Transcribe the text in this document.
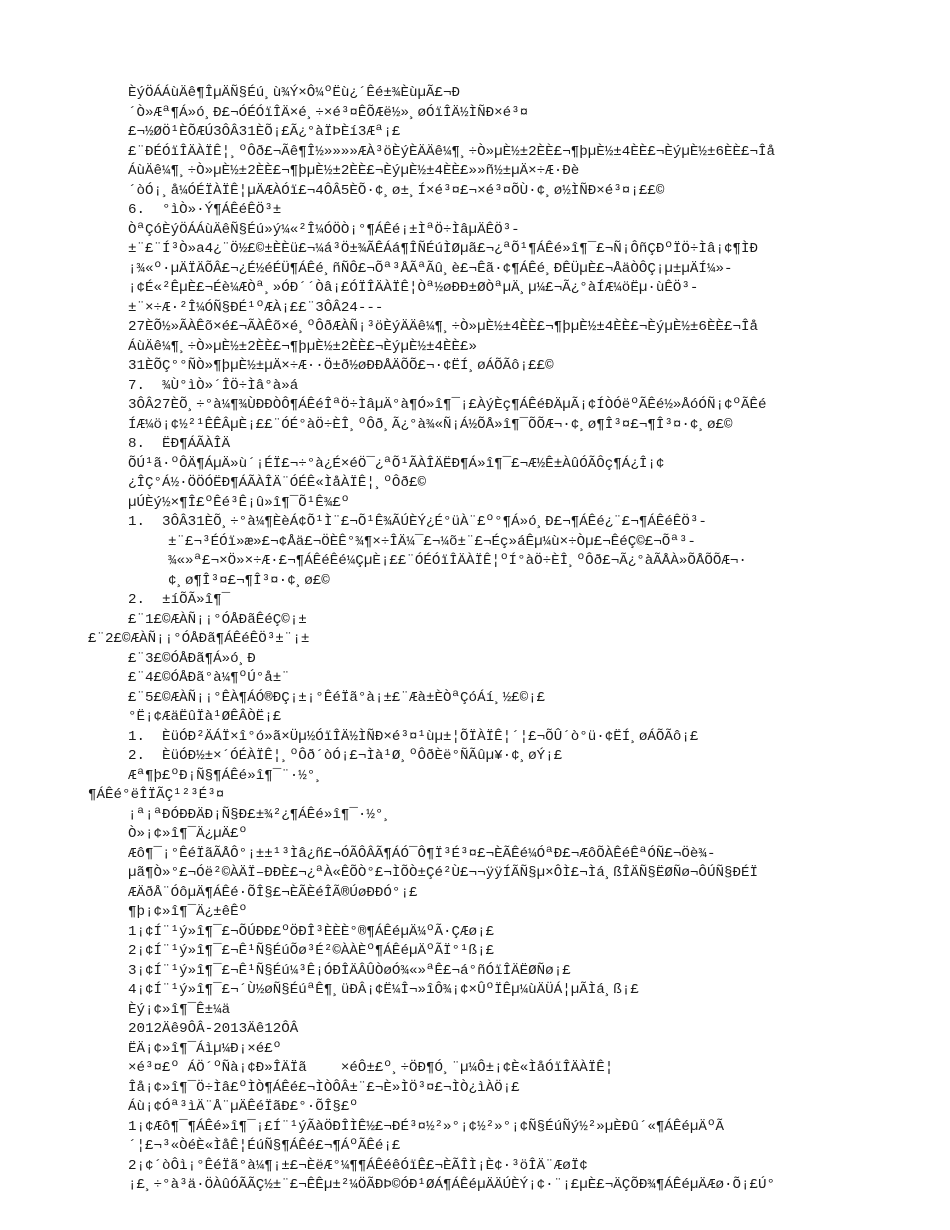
ÈýÖÁÁùÄê¶ÎµÄÑ§Éú¸ù¾Ý×Ô¼ºËù¿´Êé±¾ÈùµÃ£¬Ð
´Ò»Æª¶Á»ó¸Ð£¬ÓÉÓïÎÄ×é¸÷×é³¤ÊÕÆë½»¸øÓïÎÄ½ÌÑÐ×é³¤
£¬½ØÖ¹ÈÕÆÚ3ÔÂ31ÈÕ¡£Ã¿°àÏÞÈí3Æª¡£
£¨ÐÉÓïÎÄÀÏÊ¦¸ºÔð£¬Ãê¶Î½»»»»ÆÀ³öÈýÈÄÄê¼¶¸÷Ò»µÈ½±2ÈÈ£¬¶þµÈ½±4ÈÈ£¬ÈýµÈ½±6ÈÈ£¬Îå
ÁùÄê¼¶¸÷Ò»µÈ½±2ÈÈ£¬¶þµÈ½±2ÈÈ£¬ÈýµÈ½±4ÈÈ£»»ñ½±µÄ×÷Æ·Ðè
´òÓ¡¸å¼ÓÉÏÀÏÊ¦µÄÆÀÓï£¬4ÔÂ5ÈÕ·¢¸ø±¸Í×é³¤£¬×é³¤ÕÙ·¢¸ø½ÌÑÐ×é³¤¡££©
6.  °ìÒ»·Ý¶ÁÊéÊÖ³±
ÒªÇóÈýÖÁÁùÄêÑ§Éú»ý¼«²Î¼ÓÖÒ¡°¶ÁÊé¡±ÌªÖ÷ÌâµÄÊÖ³-
±¨£¨Í³Ò»a4¿¨Ö½£©±ÈÈü£¬¼á³Ö±¾ÃÊÁá¶ÎÑÉúÌØµã£¬¿ªÕ¹¶ÁÊé»î¶¯£¬Ñ¡ÔñÇÐºÏÖ÷Ìâ¡¢¶ÌÐ
¡¾«º·µÄÏÄÕÂ£¬¿É½éÉÜ¶ÁÊé¸ñÑÔ£¬Õª³ÅÃªÃû¸è£¬Êã·¢¶ÁÊé¸ÐÊÜµÈ£¬ÅäÒÔÇ¡µ±µÄÍ¼»-
¡¢É«²ÊµÈ£¬Éè¼ÆÒª¸»ÓÐ´´Òâ¡£ÓÏÎÄÀÏÊ¦Òª½øÐÐ±ØÒªµÄ¸µ¼£¬Ã¿°àÍÆ¼öËµ·ùÊÖ³-
±¨×÷Æ·²Î¼ÓÑ§ÐÉ¹ºÆÀ¡££¨3ÔÂ24---
27ÈÕ½»ÃÀÊõ×é£¬ÃÀÊõ×é¸ºÔðÆÀÑ¡³öÈýÄÄê¼¶¸÷Ò»µÈ½±4ÈÈ£¬¶þµÈ½±4ÈÈ£¬ÈýµÈ½±6ÈÈ£¬Îå
ÁùÄê¼¶¸÷Ò»µÈ½±2ÈÈ£¬¶þµÈ½±2ÈÈ£¬ÈýµÈ½±4ÈÈ£»
31ÈÕÇ°°ÑÒ»¶þµÈ½±µÄ×÷Æ··Ö±ð½øÐÐÅÄÕÕ£¬·¢ËÍ¸øÁÕÃô¡££©
7.  ¾Ù°ìÒ»´ÎÖ÷Ìâ°à»á
3ÔÂ27ÈÕ¸÷°à¼¶¾ÙÐÐÒÔ¶ÁÊéÎªÖ÷ÌâµÄ°à¶Ó»î¶¯¡£ÀýÈç¶ÁÊéÐÄµÃ¡¢ÍÒÓëºÃÊé½»ÅóÓÑ¡¢ºÃÊé
ÍÆ¼ö¡¢½²¹ÊÊÂµÈ¡££¨ÓÉ°àÖ÷ÈÎ¸ºÔð¸Ã¿°à¾«Ñ¡Á½ÕÅ»î¶¯ÕÕÆ¬·¢¸ø¶Î³¤£¬¶Î³¤·¢¸ø£©
8.  ËÐ¶ÁÃÀÎÄ
ÕÚ¹ã·ºÔÄ¶ÁµÄ»ù´¡ÉÏ£¬÷°à¿É×éÖ¯¿ªÕ¹ÃÀÎÄËÐ¶Á»î¶¯£¬Æ½Ê±ÀûÓÃÔç¶Á¿Î¡¢
¿ÎÇ°Á½·ÖÖÓËÐ¶ÁÃÀÎÄ¨ÓÉÊ«ÌåÀÏÊ¦¸ºÔð£©
µÚÈý½×¶Î£ºÊé³Ê¡û»î¶¯Õ¹Ê¾£º
1.  3ÔÂ31ÈÕ¸÷°à¼¶ÈèÁ¢Õ¹Ì¨£¬Õ¹Ê¾ÃÚÈÝ¿É°üÀ¨£º°¶Á»ó¸Ð£¬¶ÁÊé¿¨£¬¶ÁÊéÊÖ³-
±¨£¬³ÉÓï»æ»£¬¢Åä£¬ÖÈÊ°¾¶×÷ÎÄ¼¯£¬¼õ±¨£¬Éç»áÊµ¼ù×÷Òµ£¬ÊéÇ©£¬Õª³-
¾«»ª£¬×Ö»×÷Æ·£¬¶ÁÊéÊé¼ÇµÈ¡££¨ÓÉÓïÎÄÀÏÊ¦ºÍ°àÖ÷ÈÎ¸ºÔð£¬Ã¿°àÃÅÀ»ÕÅÕÕÆ¬·
¢¸ø¶Î³¤£¬¶Î³¤·¢¸ø£©
2.  ±íÕÃ»î¶¯
£¨1£©ÆÀÑ¡¡°ÓÅÐãÊéÇ©¡±
£¨2£©ÆÀÑ¡¡°ÓÅÐã¶ÁÊéÊÖ³±¨¡±
£¨3£©ÓÅÐã¶Á»ó¸Ð
£¨4£©ÓÅÐã°à¼¶ºÚ°å±¨
£¨5£©ÆÀÑ¡¡°ÊÀ¶ÁÓ®ÐÇ¡±¡°ÊéÏã°à¡±£¨Æà±ÈÒªÇóÁí¸½£©¡£
°Ë¡¢ÆäËûÏà¹ØÊÂÒË¡£
1.  ÈüÓÐ²ÄÁÏ×î°ó»ã×Üµ½ÓïÎÄ½ÌÑÐ×é³¤¹ùµ±¦ÕÏÀÏÊ¦´¦£¬ÕÛ´ò°ü·¢ËÍ¸øÁÕÃô¡£
2.  ÈüÓÐ½±×´ÓÉÀÏÊ¦¸ºÔð´òÓ¡£¬Ìà¹Ø¸ºÔðÈë°ÑÃûµ¥·¢¸øÝ¡£
Æª¶þ£ºÐ¡Ñ§¶ÁÊé»î¶¯¨·½°¸
¶ÁÊé°ëÎÏÃÇ¹²³É³¤
¡ª¡ªÐÓÐÐÄÐ¡Ñ§Ð£±¾²¿¶ÁÊé»î¶¯·½°¸
Ò»¡¢»î¶¯Ä¿µÄ£º
Æô¶¯¡°ÊéÏãÃÅÔ°¡±±¹³Ìâ¿ñ£¬ÓÃÔÂÃ¶ÁÓ¯Ô¶Ï³É³¤£¬ÈÃÊé¼ÓªÐ£¬ÆôÕÀÊéÊªÓÑ£¬Öè¾-
µã¶Ò»°£¬Óë²©ÀÄÏ–ÐÐÈ£¬¿ªÀ«ÊÕÒ°£¬ÌÕÒ±Çé²Ù£¬¬ÿÿÍÃÑ§µ×ÔÌ£¬Ìá¸ßÎÄÑ§ËØÑø¬ÔÚÑ§ÐÉÏ
ÆÄðÅ¨ÓôµÄ¶ÁÊé·ÕÎ§£¬ÈÃÈéÎÃ®ÚøÐÐÓ°¡£
¶þ¡¢»î¶¯Ä¿±êÊº
1¡¢Í¨¹ý»î¶¯£¬ÕÚÐÐ£ºÖÐÎ³ÈÈÈ°®¶ÁÊéµÄ¼ºÃ·ÇÆø¡£
2¡¢Í¨¹ý»î¶¯£¬Ê¹Ñ§ÉúÕø³É²©ÀÀÈº¶ÁÊéµÄºÃÏ°¹ß¡£
3¡¢Í¨¹ý»î¶¯£¬Ê¹Ñ§Éú¼³Ê¡ÓÐÎÄÂÛÒøÓ¾«»ªÊ£¬á°ñÓïÎÄËØÑø¡£
4¡¢Í¨¹ý»î¶¯£¬´Ù½øÑ§ÉúªÊ¶¸üÐÂ¡¢Ë¼Î¬»îÔ¾¡¢×ÛºÏÊµ¼ùÄÜÁ¦µÃÌá¸ß¡£
Èý¡¢»î¶¯Ê±¼ä
2012Äê9ÔÂ-2013Äê12ÔÂ
ËÄ¡¢»î¶¯Áìµ¼Ð¡×é£º
×é³¤£º ÁÖ´ºÑà¡¢Ð»ÎÄÏã    ×éÔ±£º¸÷ÖÐ¶Ó¸¨µ¼Ô±¡¢È«ÌåÓïÎÄÀÏÊ¦
Îå¡¢»î¶¯Ö÷Ìâ£ºÌÒ¶ÁÊé£¬ÌÒÔÂ±¨£¬È»ÌÖ³¤£¬ÌÒ¿ìÀÖ¡£
Áù¡¢Óª³ìÄ¨Å¨µÄÊéÏãÐ£°·ÕÎ§£º
1¡¢Æô¶¯¶ÁÊé»î¶¯¡£Í¨¹ýÃàÖÐÎÌÊ½£¬ÐÉ³¤½²»°¡¢½²»°¡¢Ñ§ÉúÑý½²»µÈÐû´«¶ÁÊéµÄºÃ
´¦£¬³«ÒéÈ«ÌåÊ¦ÉúÑ§¶ÁÊé£¬¶ÁºÃÊé¡£
2¡¢´òÔì¡°ÊéÏã°à¼¶¡±£¬ÈëÆ°¼¶¶ÁÊéêÓïÊ£¬ÈÃÎÌ¡È¢·³öÎÄ¨ÆøÏ¢
¡£¸÷°à³ä·ÖÀûÓÃÃÇ½±¨£¬ÊÊµ±²¼ÖÃÐÞ©ÓÐ¹ØÁ¶ÁÊéµÄÄÚÈÝ¡¢·¨¡£µÈ£¬ÄÇÕÐ¾¶ÁÊéµÄÆø·Õ¡£Ú°
